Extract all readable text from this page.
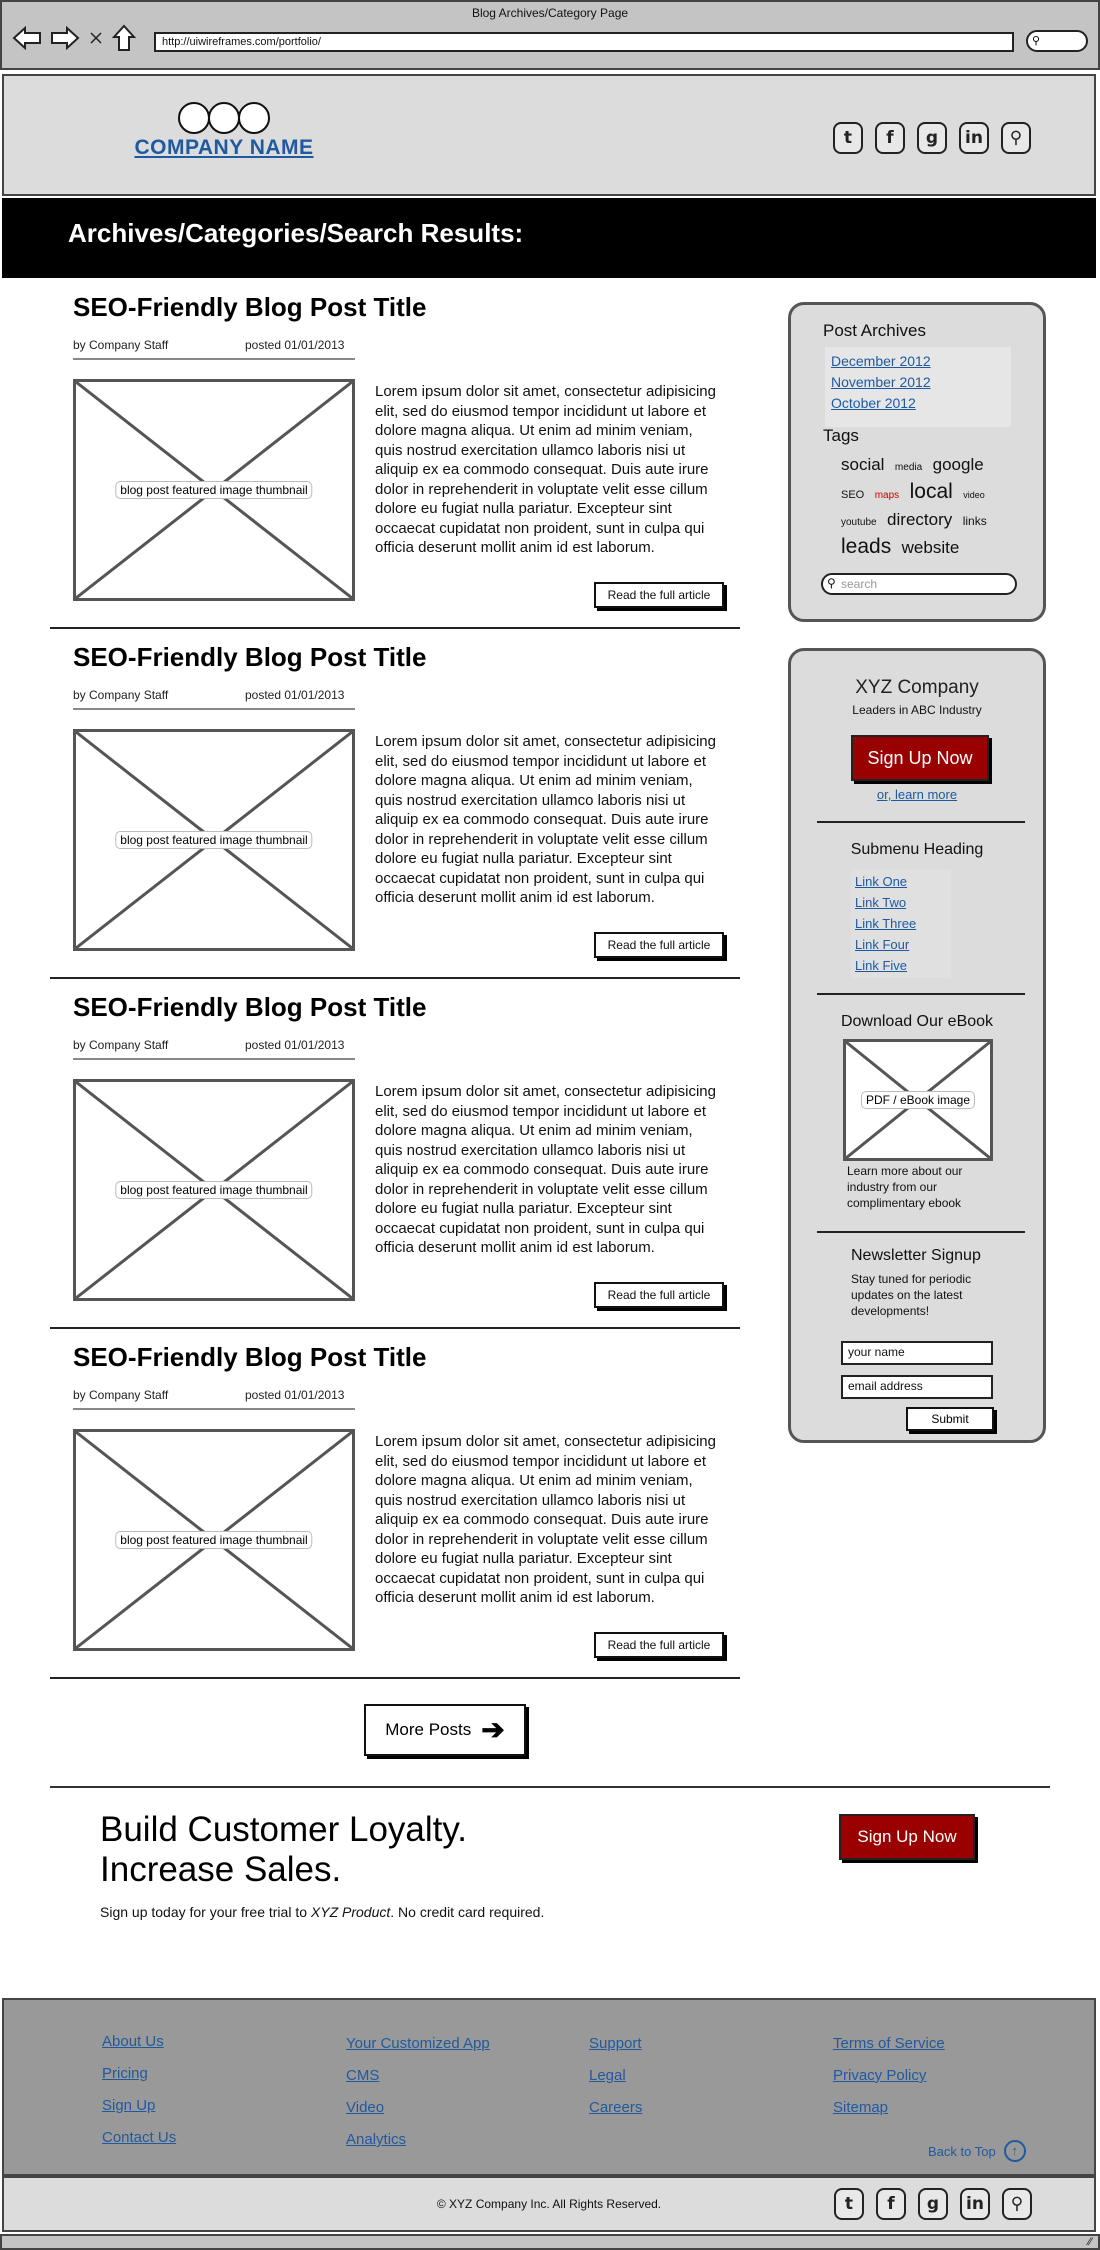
Blog Archives/Category Page
http://uiwireframes.com/portfolio/	⚲
COMPANY NAME	t	f	g	in	⚲
Archives/Categories/Search Results:
SEO-Friendly Blog Post Title
by Company Staff	posted 01/01/2013
blog post featured image thumbnail
Lorem ipsum dolor sit amet, consectetur adipisicing elit, sed do eiusmod tempor incididunt ut labore et dolore magna aliqua. Ut enim ad minim veniam, quis nostrud exercitation ullamco laboris nisi ut aliquip ex ea commodo consequat. Duis aute irure dolor in reprehenderit in voluptate velit esse cillum dolore eu fugiat nulla pariatur. Excepteur sint occaecat cupidatat non proident, sunt in culpa qui officia deserunt mollit anim id est laborum.
Read the full article
SEO-Friendly Blog Post Title
by Company Staff	posted 01/01/2013
blog post featured image thumbnail
Lorem ipsum dolor sit amet, consectetur adipisicing elit, sed do eiusmod tempor incididunt ut labore et dolore magna aliqua. Ut enim ad minim veniam, quis nostrud exercitation ullamco laboris nisi ut aliquip ex ea commodo consequat. Duis aute irure dolor in reprehenderit in voluptate velit esse cillum dolore eu fugiat nulla pariatur. Excepteur sint occaecat cupidatat non proident, sunt in culpa qui officia deserunt mollit anim id est laborum.
Read the full article
SEO-Friendly Blog Post Title
by Company Staff	posted 01/01/2013
blog post featured image thumbnail
Lorem ipsum dolor sit amet, consectetur adipisicing elit, sed do eiusmod tempor incididunt ut labore et dolore magna aliqua. Ut enim ad minim veniam, quis nostrud exercitation ullamco laboris nisi ut aliquip ex ea commodo consequat. Duis aute irure dolor in reprehenderit in voluptate velit esse cillum dolore eu fugiat nulla pariatur. Excepteur sint occaecat cupidatat non proident, sunt in culpa qui officia deserunt mollit anim id est laborum.
Read the full article
SEO-Friendly Blog Post Title
by Company Staff	posted 01/01/2013
blog post featured image thumbnail
Lorem ipsum dolor sit amet, consectetur adipisicing elit, sed do eiusmod tempor incididunt ut labore et dolore magna aliqua. Ut enim ad minim veniam, quis nostrud exercitation ullamco laboris nisi ut aliquip ex ea commodo consequat. Duis aute irure dolor in reprehenderit in voluptate velit esse cillum dolore eu fugiat nulla pariatur. Excepteur sint occaecat cupidatat non proident, sunt in culpa qui officia deserunt mollit anim id est laborum.
Read the full article
More Posts ➔
Build Customer Loyalty.
Increase Sales.
Sign up today for your free trial to XYZ Product. No credit card required.
Sign Up Now
Post Archives
December 2012
November 2012
October 2012
Tags
social media google
SEO maps local video
youtube directory links
leads website
⚲ search
XYZ Company
Leaders in ABC Industry
Sign Up Now
or, learn more
Submenu Heading
Link One
Link Two
Link Three
Link Four
Link Five
Download Our eBook
PDF / eBook image
Learn more about our industry from our complimentary ebook
Newsletter Signup
Stay tuned for periodic updates on the latest developments!
your name
email address
Submit
About Us
Pricing
Sign Up
Contact Us
Your Customized App
CMS
Video
Analytics
Support
Legal
Careers
Terms of Service
Privacy Policy
Sitemap
Back to Top	↑
© XYZ Company Inc. All Rights Reserved.	t	f	g	in	⚲
∕∕
